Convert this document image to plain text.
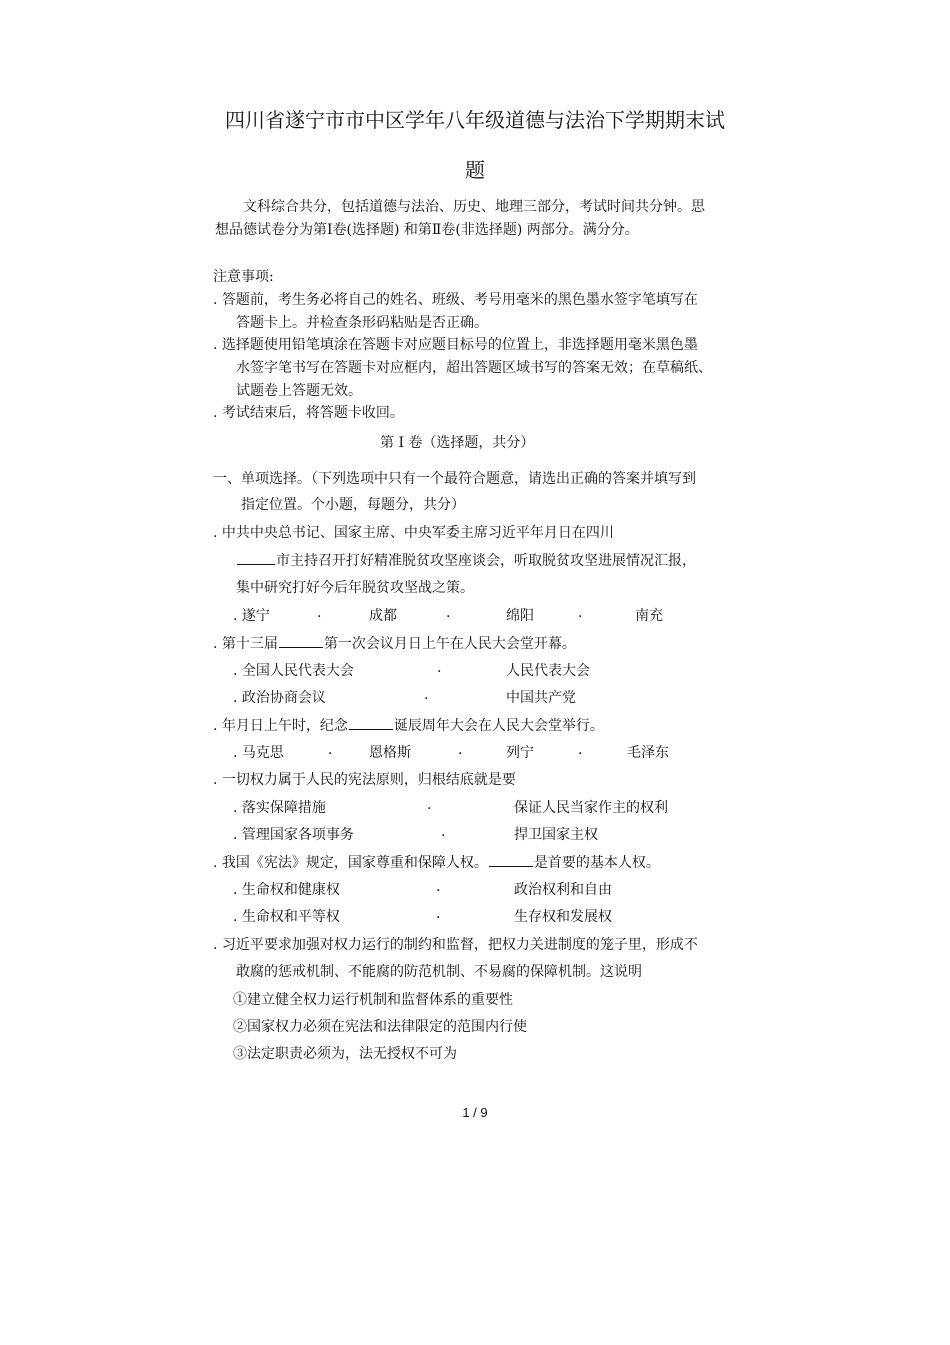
四川省遂宁市市中区学年八年级道德与法治下学期期末试
题
文科综合共分，包括道德与法治、历史、地理三部分，考试时间共分钟。思
想品德试卷分为第Ⅰ卷(选择题) 和第Ⅱ卷(非选择题) 两部分。满分分。
注意事项:
. 答题前，考生务必将自己的姓名、班级、考号用毫米的黑色墨水签字笔填写在
答题卡上。并检查条形码粘贴是否正确。
. 选择题使用铅笔填涂在答题卡对应题目标号的位置上，非选择题用毫米黑色墨
水签字笔书写在答题卡对应框内，超出答题区域书写的答案无效；在草稿纸、
试题卷上答题无效。
. 考试结束后，将答题卡收回。
第 Ⅰ 卷（选择题，共分）
一、单项选择。（下列选项中只有一个最符合题意，请选出正确的答案并填写到
指定位置。个小题，每题分，共分）
. 中共中央总书记、国家主席、中央军委主席习近平年月日在四川
市主持召开打好精准脱贫攻坚座谈会，听取脱贫攻坚进展情况汇报，
集中研究打好今后年脱贫攻坚战之策。
. 遂宁	.	成都	.	绵阳	.	南充
. 第十三届	第一次会议月日上午在人民大会堂开幕。
. 全国人民代表大会	.	人民代表大会
. 政治协商会议	.	中国共产党
. 年月日上午时，纪念	诞辰周年大会在人民大会堂举行。
. 马克思	.	恩格斯	.	列宁	.	毛泽东
. 一切权力属于人民的宪法原则，归根结底就是要
. 落实保障措施	.	保证人民当家作主的权利
. 管理国家各项事务	.	捍卫国家主权
. 我国《宪法》规定，国家尊重和保障人权。	是首要的基本人权。
. 生命权和健康权	.	政治权利和自由
. 生命权和平等权	.	生存权和发展权
. 习近平要求加强对权力运行的制约和监督，把权力关进制度的笼子里，形成不
敢腐的惩戒机制、不能腐的防范机制、不易腐的保障机制。这说明
①建立健全权力运行机制和监督体系的重要性
②国家权力必须在宪法和法律限定的范围内行使
③法定职责必须为，法无授权不可为
1 / 9
